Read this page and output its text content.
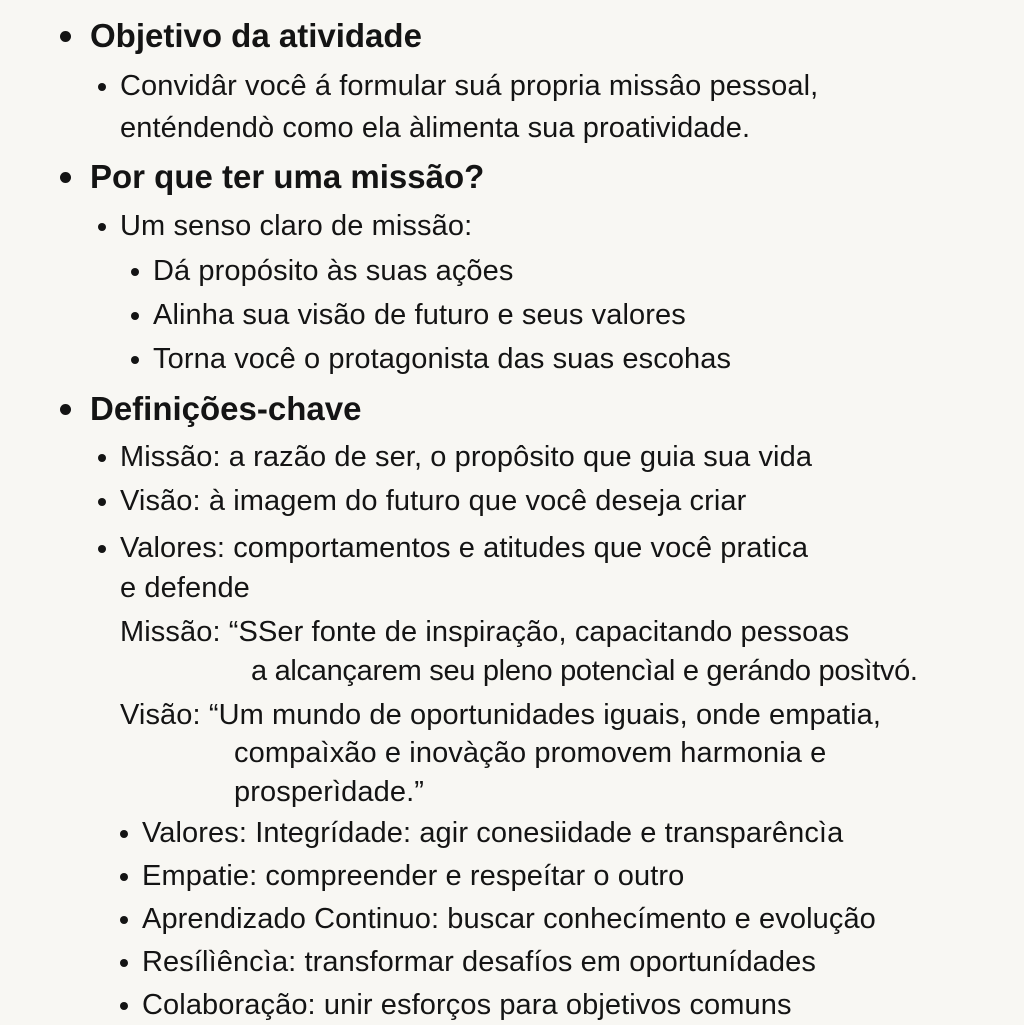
Objetivo da atividade
Convidâr você á formular suá propria missâo pessoal,
enténdendò como ela àlimenta sua proatividade.
Por que ter uma missão?
Um senso claro de missão:
Dá propósito às suas ações
Alinha sua visão de futuro e seus valores
Torna você o protagonista das suas escohas
Definições-chave
Missão: a razão de ser, o propôsito que guia sua vida
Visão: à imagem do futuro que você deseja criar
Valores: comportamentos e atitudes que você pratica
e defende
Missão: “SSer fonte de inspiração, capacitando pessoas
a alcançarem seu pleno potencìal e gerándo posìtvó.
Visão: “Um mundo de oportunidades iguais, onde empatia,
compaìxão e inovàção promovem harmonia e
prosperìdade.”
Valores: Integrídade: agir conesiidade e transparêncìa
Empatie: compreender e respeítar o outro
Aprendizado Continuo: buscar conhecímento e evolução
Resílìêncìa: transformar desafíos em oportunídades
Colaboração: unir esforços para objetivos comuns
